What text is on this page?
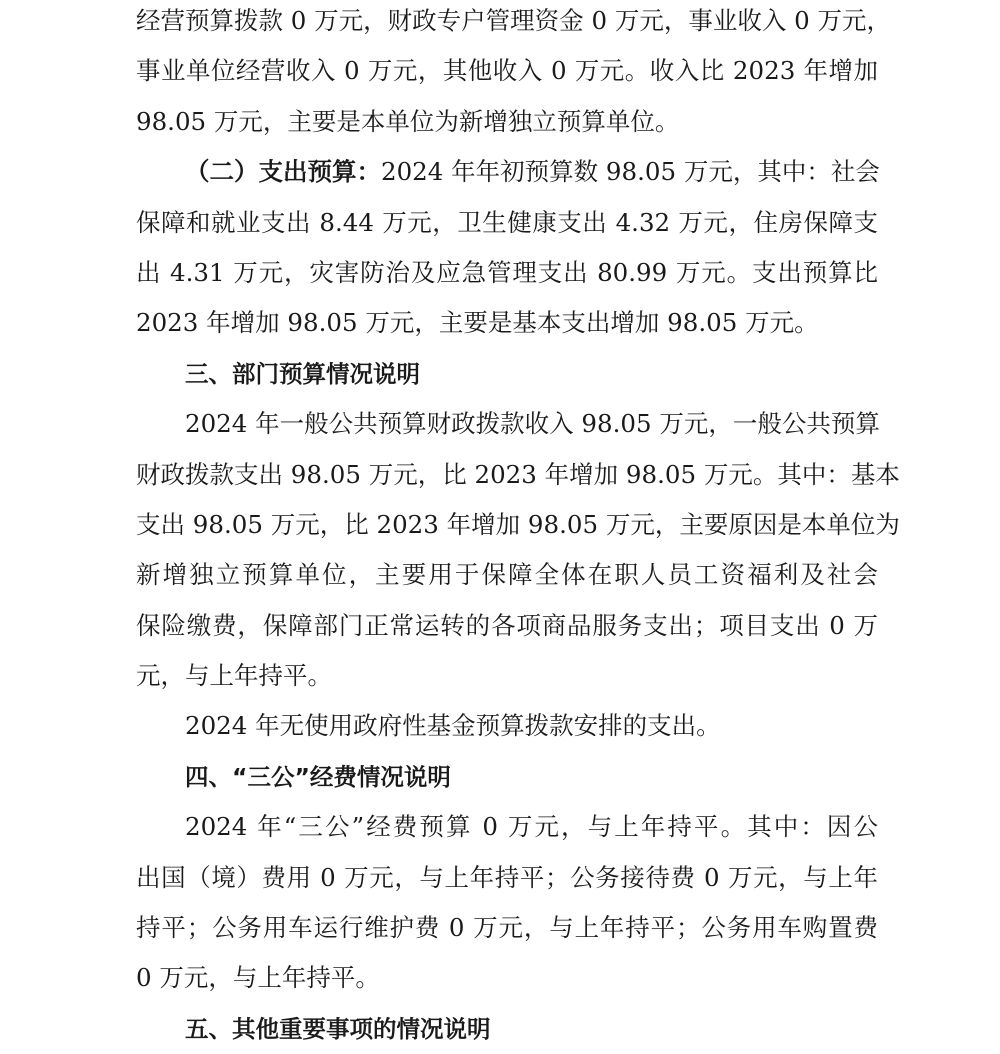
经营预算拨款 0 万元，财政专户管理资金 0 万元，事业收入 0 万元，
事业单位经营收入 0 万元，其他收入 0 万元。收入比 2023 年增加
98.05 万元，主要是本单位为新增独立预算单位。
（二）支出预算：2024 年年初预算数 98.05 万元，其中：社会
保障和就业支出 8.44 万元，卫生健康支出 4.32 万元，住房保障支
出 4.31 万元，灾害防治及应急管理支出 80.99 万元。支出预算比
2023 年增加 98.05 万元，主要是基本支出增加 98.05 万元。
三、部门预算情况说明
2024 年一般公共预算财政拨款收入 98.05 万元，一般公共预算
财政拨款支出 98.05 万元，比 2023 年增加 98.05 万元。其中：基本
支出 98.05 万元，比 2023 年增加 98.05 万元，主要原因是本单位为
新增独立预算单位，主要用于保障全体在职人员工资福利及社会
保险缴费，保障部门正常运转的各项商品服务支出；项目支出 0 万
元，与上年持平。
2024 年无使用政府性基金预算拨款安排的支出。
四、“三公”经费情况说明
2024 年“三公”经费预算 0 万元，与上年持平。其中：因公
出国（境）费用 0 万元，与上年持平；公务接待费 0 万元，与上年
持平；公务用车运行维护费 0 万元，与上年持平；公务用车购置费
0 万元，与上年持平。
五、其他重要事项的情况说明
